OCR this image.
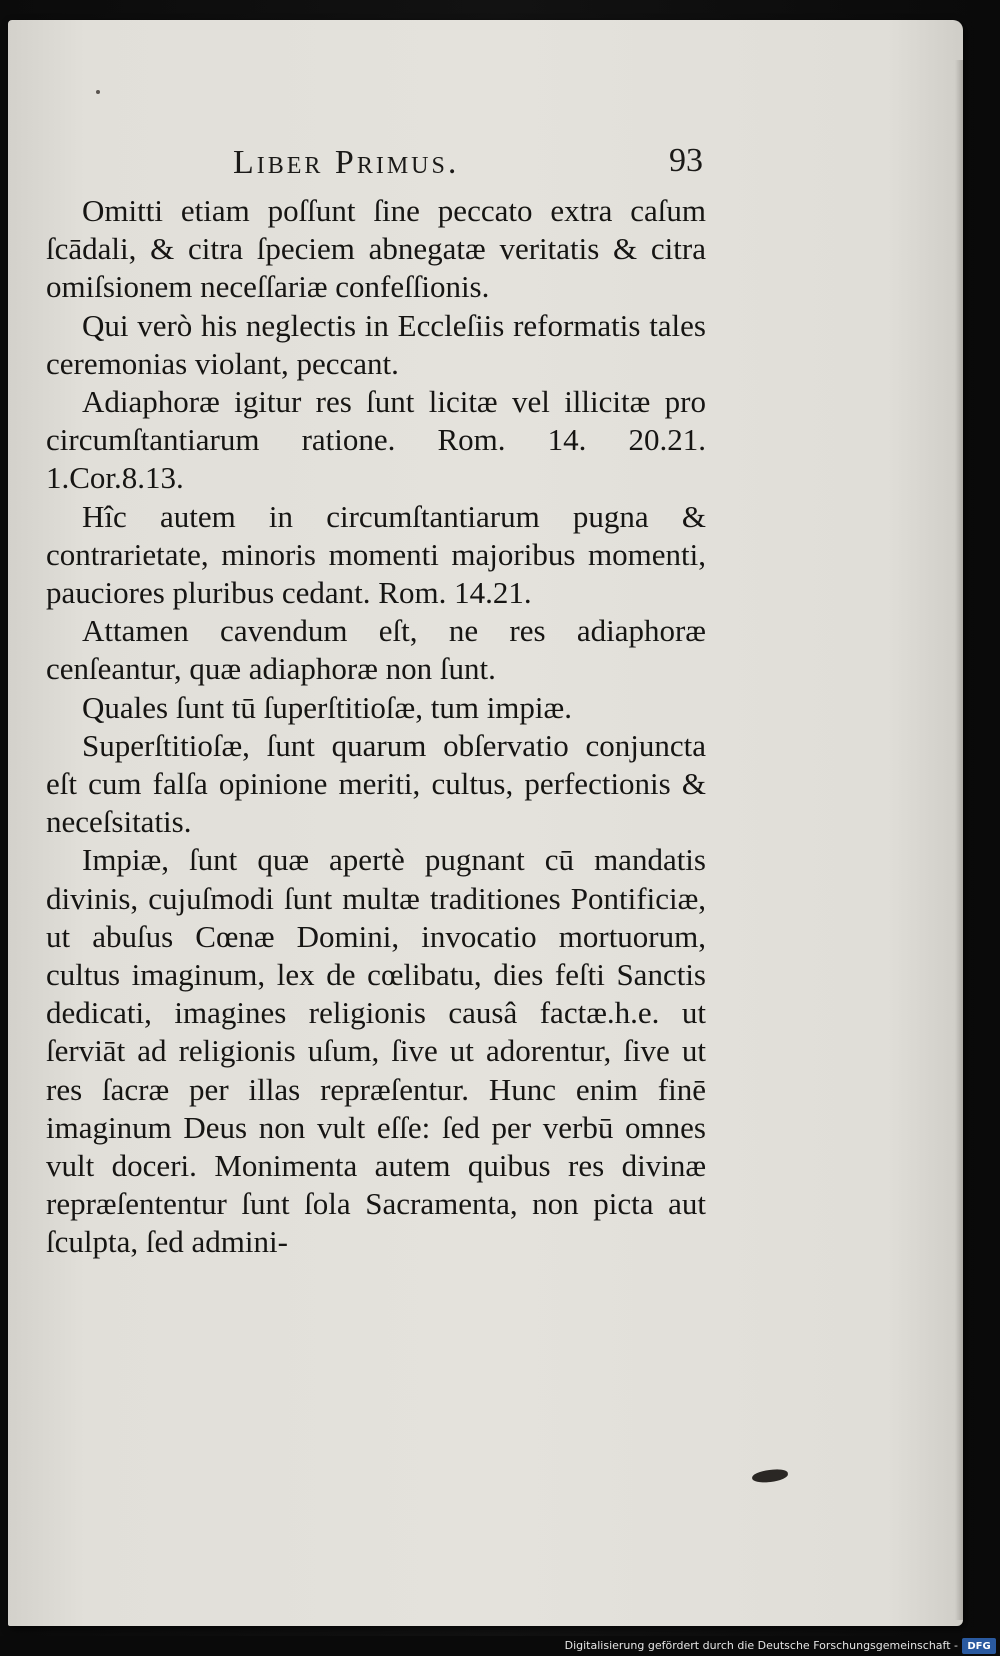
Liber Primus.	93

Omitti etiam poſſunt ſine peccato extra caſum ſcādali, & citra ſpeciem abnegatæ veritatis & citra omiſsionem neceſſariæ confeſſionis.

Qui verò his neglectis in Eccleſiis reformatis tales ceremonias violant, peccant.

Adiaphoræ igitur res ſunt licitæ vel illicitæ pro circumſtantiarum ratione. Rom. 14. 20.21. 1.Cor.8.13.

Hîc autem in circumſtantiarum pugna & contrarietate, minoris momenti majoribus momenti, pauciores pluribus cedant. Rom. 14.21.

Attamen cavendum eſt, ne res adiaphoræ cenſeantur, quæ adiaphoræ non ſunt.

Quales ſunt tū ſuperſtitioſæ, tum impiæ.

Superſtitioſæ, ſunt quarum obſervatio conjuncta eſt cum falſa opinione meriti, cultus, perfectionis & neceſsitatis.

Impiæ, ſunt quæ apertè pugnant cū mandatis divinis, cujuſmodi ſunt multæ traditiones Pontificiæ, ut abuſus Cœnæ Domini, invocatio mortuorum, cultus imaginum, lex de cœlibatu, dies feſti Sanctis dedicati, imagines religionis causâ factæ.h.e. ut ſerviāt ad religionis uſum, ſive ut adorentur, ſive ut res ſacræ per illas repræſentur. Hunc enim finē imaginum Deus non vult eſſe: ſed per verbū omnes vult doceri. Monimenta autem quibus res divinæ repræſententur ſunt ſola Sacramenta, non picta aut ſculpta, ſed admini-

Digitalisierung gefördert durch die Deutsche Forschungsgemeinschaft - DFG
